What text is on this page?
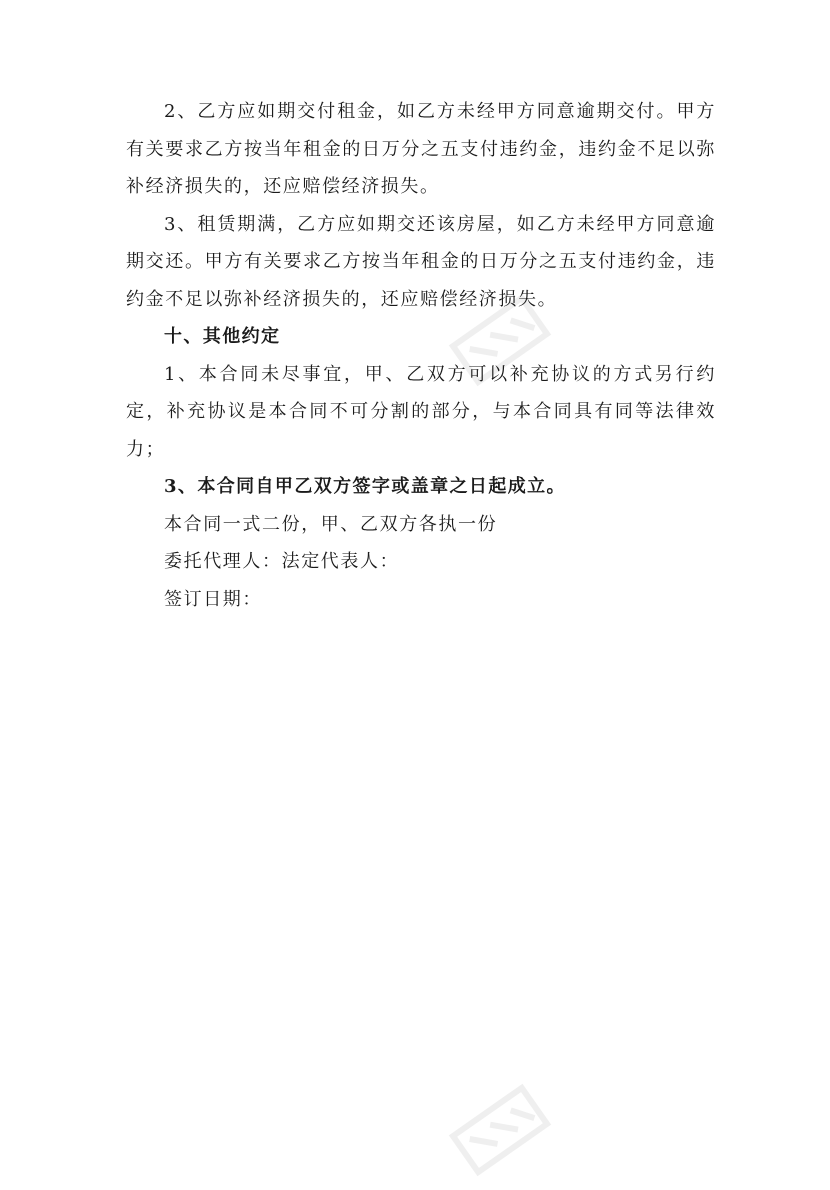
2、乙方应如期交付租金，如乙方未经甲方同意逾期交付。甲方有关要求乙方按当年租金的日万分之五支付违约金，违约金不足以弥补经济损失的，还应赔偿经济损失。

3、租赁期满，乙方应如期交还该房屋，如乙方未经甲方同意逾期交还。甲方有关要求乙方按当年租金的日万分之五支付违约金，违约金不足以弥补经济损失的，还应赔偿经济损失。

十、其他约定

1、本合同未尽事宜，甲、乙双方可以补充协议的方式另行约定，补充协议是本合同不可分割的部分，与本合同具有同等法律效力；

3、本合同自甲乙双方签字或盖章之日起成立。

本合同一式二份，甲、乙双方各执一份

委托代理人：法定代表人：

签订日期：
